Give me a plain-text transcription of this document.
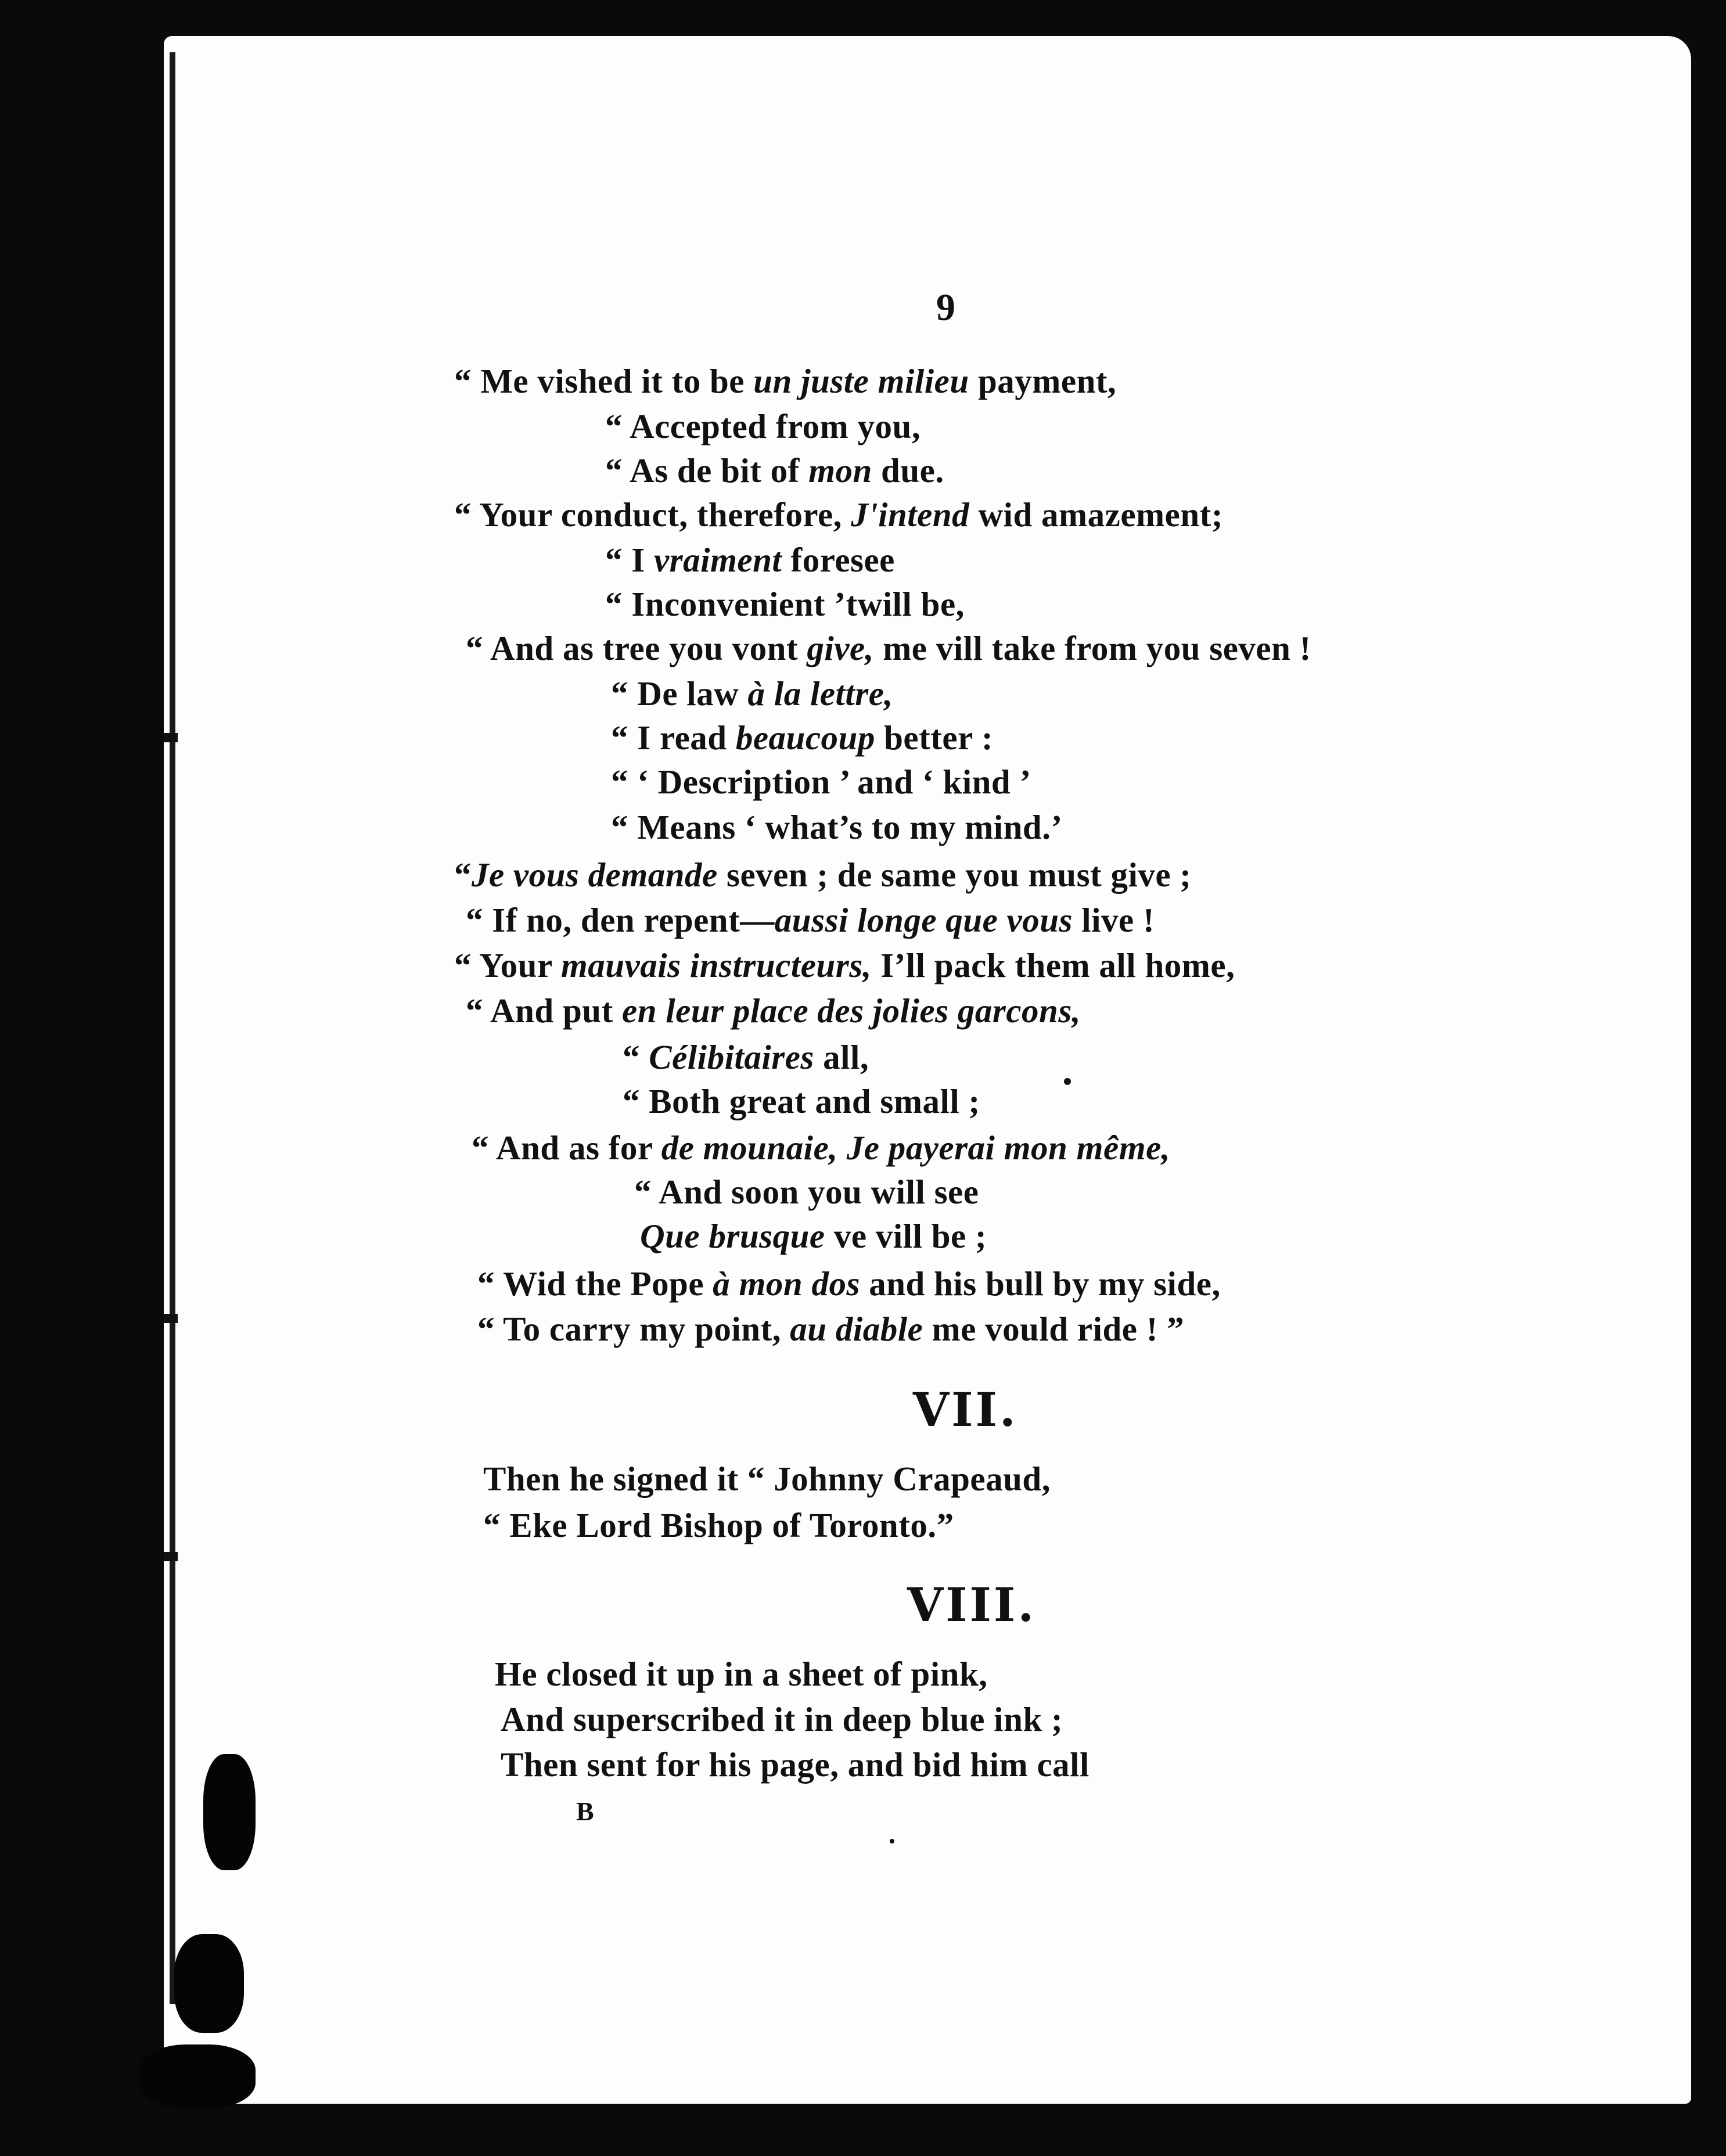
9

“ Me vished it to be un juste milieu payment,

“ Accepted from you,

“ As de bit of mon due.

“ Your conduct, therefore, J'intend wid amazement;

“ I vraiment foresee

“ Inconvenient ’twill be,

“ And as tree you vont give, me vill take from you seven !

“ De law à la lettre,

“ I read beaucoup better :

“ ‘ Description ’ and ‘ kind ’

“ Means ‘ what’s to my mind.’

“Je vous demande seven ; de same you must give ;

“ If no, den repent—aussi longe que vous live !

“ Your mauvais instructeurs, I’ll pack them all home,

“ And put en leur place des jolies garcons,

“ Célibitaires all,

“ Both great and small ;

“ And as for de mounaie, Je payerai mon même,

“ And soon you will see

Que brusque ve vill be ;

“ Wid the Pope à mon dos and his bull by my side,

“ To carry my point, au diable me vould ride ! ”

VII.

Then he signed it “ Johnny Crapeaud,

“ Eke Lord Bishop of Toronto.”

VIII.

He closed it up in a sheet of pink,

And superscribed it in deep blue ink ;

Then sent for his page, and bid him call

B
